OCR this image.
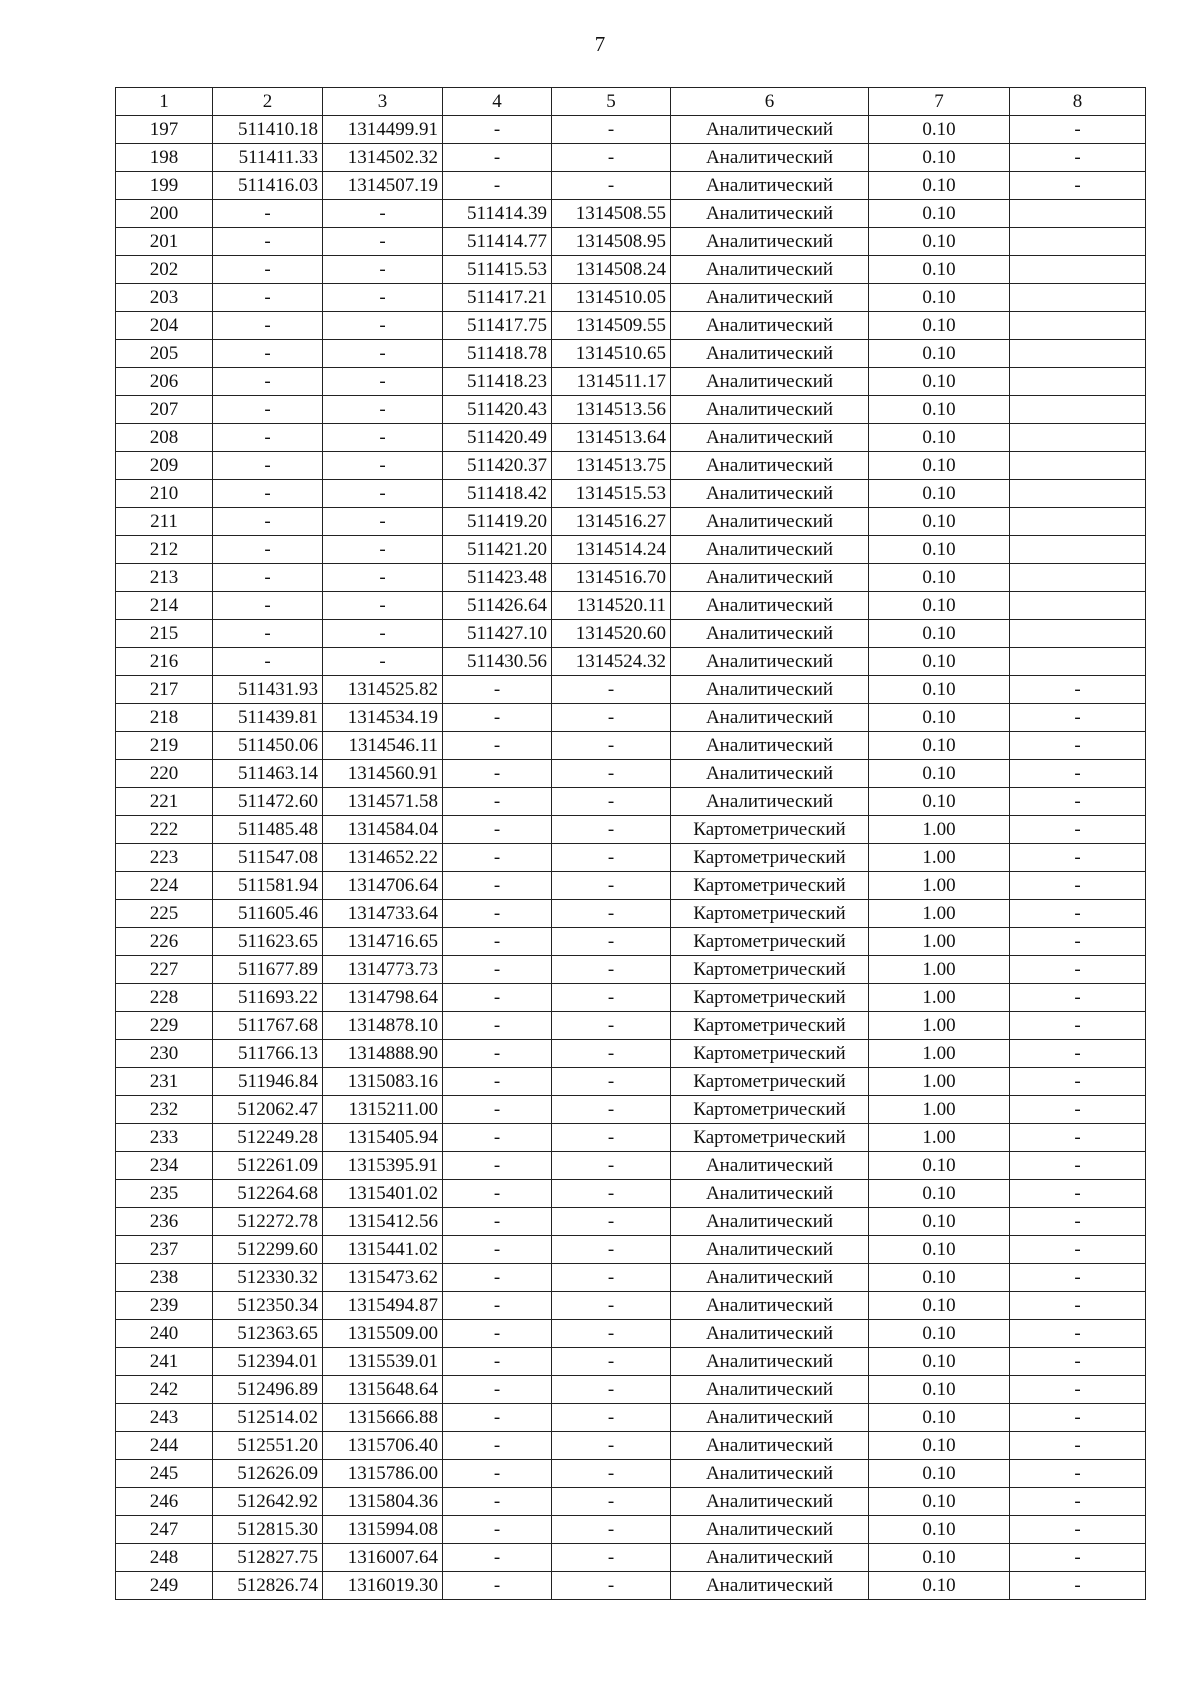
7
1	2	3	4	5	6	7	8
197	511410.18	1314499.91	-	-	Аналитический	0.10	-
198	511411.33	1314502.32	-	-	Аналитический	0.10	-
199	511416.03	1314507.19	-	-	Аналитический	0.10	-
200	-	-	511414.39	1314508.55	Аналитический	0.10	
201	-	-	511414.77	1314508.95	Аналитический	0.10	
202	-	-	511415.53	1314508.24	Аналитический	0.10	
203	-	-	511417.21	1314510.05	Аналитический	0.10	
204	-	-	511417.75	1314509.55	Аналитический	0.10	
205	-	-	511418.78	1314510.65	Аналитический	0.10	
206	-	-	511418.23	1314511.17	Аналитический	0.10	
207	-	-	511420.43	1314513.56	Аналитический	0.10	
208	-	-	511420.49	1314513.64	Аналитический	0.10	
209	-	-	511420.37	1314513.75	Аналитический	0.10	
210	-	-	511418.42	1314515.53	Аналитический	0.10	
211	-	-	511419.20	1314516.27	Аналитический	0.10	
212	-	-	511421.20	1314514.24	Аналитический	0.10	
213	-	-	511423.48	1314516.70	Аналитический	0.10	
214	-	-	511426.64	1314520.11	Аналитический	0.10	
215	-	-	511427.10	1314520.60	Аналитический	0.10	
216	-	-	511430.56	1314524.32	Аналитический	0.10	
217	511431.93	1314525.82	-	-	Аналитический	0.10	-
218	511439.81	1314534.19	-	-	Аналитический	0.10	-
219	511450.06	1314546.11	-	-	Аналитический	0.10	-
220	511463.14	1314560.91	-	-	Аналитический	0.10	-
221	511472.60	1314571.58	-	-	Аналитический	0.10	-
222	511485.48	1314584.04	-	-	Картометрический	1.00	-
223	511547.08	1314652.22	-	-	Картометрический	1.00	-
224	511581.94	1314706.64	-	-	Картометрический	1.00	-
225	511605.46	1314733.64	-	-	Картометрический	1.00	-
226	511623.65	1314716.65	-	-	Картометрический	1.00	-
227	511677.89	1314773.73	-	-	Картометрический	1.00	-
228	511693.22	1314798.64	-	-	Картометрический	1.00	-
229	511767.68	1314878.10	-	-	Картометрический	1.00	-
230	511766.13	1314888.90	-	-	Картометрический	1.00	-
231	511946.84	1315083.16	-	-	Картометрический	1.00	-
232	512062.47	1315211.00	-	-	Картометрический	1.00	-
233	512249.28	1315405.94	-	-	Картометрический	1.00	-
234	512261.09	1315395.91	-	-	Аналитический	0.10	-
235	512264.68	1315401.02	-	-	Аналитический	0.10	-
236	512272.78	1315412.56	-	-	Аналитический	0.10	-
237	512299.60	1315441.02	-	-	Аналитический	0.10	-
238	512330.32	1315473.62	-	-	Аналитический	0.10	-
239	512350.34	1315494.87	-	-	Аналитический	0.10	-
240	512363.65	1315509.00	-	-	Аналитический	0.10	-
241	512394.01	1315539.01	-	-	Аналитический	0.10	-
242	512496.89	1315648.64	-	-	Аналитический	0.10	-
243	512514.02	1315666.88	-	-	Аналитический	0.10	-
244	512551.20	1315706.40	-	-	Аналитический	0.10	-
245	512626.09	1315786.00	-	-	Аналитический	0.10	-
246	512642.92	1315804.36	-	-	Аналитический	0.10	-
247	512815.30	1315994.08	-	-	Аналитический	0.10	-
248	512827.75	1316007.64	-	-	Аналитический	0.10	-
249	512826.74	1316019.30	-	-	Аналитический	0.10	-
